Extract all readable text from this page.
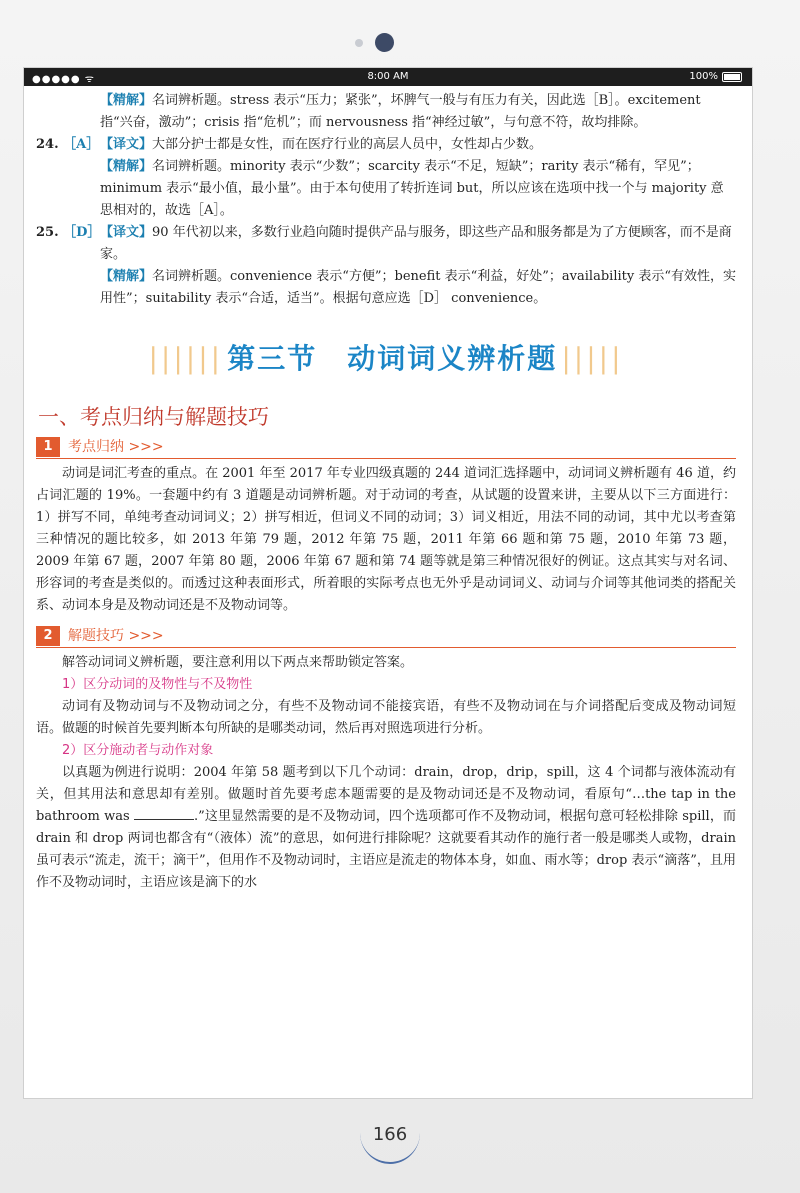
●●●●● ᯤ	8:00 AM	100%

【精解】名词辨析题。stress 表示“压力；紧张”，坏脾气一般与有压力有关，因此选［B］。excitement 指“兴奋，激动”；crisis 指“危机”；而 nervousness 指“神经过敏”，与句意不符，故均排除。

24. ［A］ 【译文】大部分护士都是女性，而在医疗行业的高层人员中，女性却占少数。

【精解】名词辨析题。minority 表示“少数”；scarcity 表示“不足，短缺”；rarity 表示“稀有，罕见”；minimum 表示“最小值，最小量”。由于本句使用了转折连词 but，所以应该在选项中找一个与 majority 意思相对的，故选［A］。

25. ［D］ 【译文】90 年代初以来，多数行业趋向随时提供产品与服务，即这些产品和服务都是为了方便顾客，而不是商家。

【精解】名词辨析题。convenience 表示“方便”；benefit 表示“利益，好处”；availability 表示“有效性，实用性”；suitability 表示“合适，适当”。根据句意应选［D］ convenience。

|||||| 第三节　动词词义辨析题 |||||
一、考点归纳与解题技巧
1	考点归纳 >>>

动词是词汇考查的重点。在 2001 年至 2017 年专业四级真题的 244 道词汇选择题中，动词词义辨析题有 46 道，约占词汇题的 19%。一套题中约有 3 道题是动词辨析题。对于动词的考查，从试题的设置来讲，主要从以下三方面进行：1）拼写不同，单纯考查动词词义；2）拼写相近，但词义不同的动词；3）词义相近，用法不同的动词，其中尤以考查第三种情况的题比较多，如 2013 年第 79 题，2012 年第 75 题，2011 年第 66 题和第 75 题，2010 年第 73 题，2009 年第 67 题，2007 年第 80 题，2006 年第 67 题和第 74 题等就是第三种情况很好的例证。这点其实与对名词、形容词的考查是类似的。而透过这种表面形式，所着眼的实际考点也无外乎是动词词义、动词与介词等其他词类的搭配关系、动词本身是及物动词还是不及物动词等。

2	解题技巧 >>>

解答动词词义辨析题，要注意利用以下两点来帮助锁定答案。

1）区分动词的及物性与不及物性

动词有及物动词与不及物动词之分，有些不及物动词不能接宾语，有些不及物动词在与介词搭配后变成及物动词短语。做题的时候首先要判断本句所缺的是哪类动词，然后再对照选项进行分析。

2）区分施动者与动作对象

以真题为例进行说明：2004 年第 58 题考到以下几个动词：drain，drop，drip，spill，这 4 个词都与液体流动有关，但其用法和意思却有差别。做题时首先要考虑本题需要的是及物动词还是不及物动词，看原句“…the tap in the bathroom was	.”这里显然需要的是不及物动词，四个选项都可作不及物动词，根据句意可轻松排除 spill，而 drain 和 drop 两词也都含有“（液体）流”的意思，如何进行排除呢？这就要看其动作的施行者一般是哪类人或物，drain 虽可表示“流走，流干；滴干”，但用作不及物动词时，主语应是流走的物体本身，如血、雨水等；drop 表示“滴落”，且用作不及物动词时，主语应该是滴下的水

166
